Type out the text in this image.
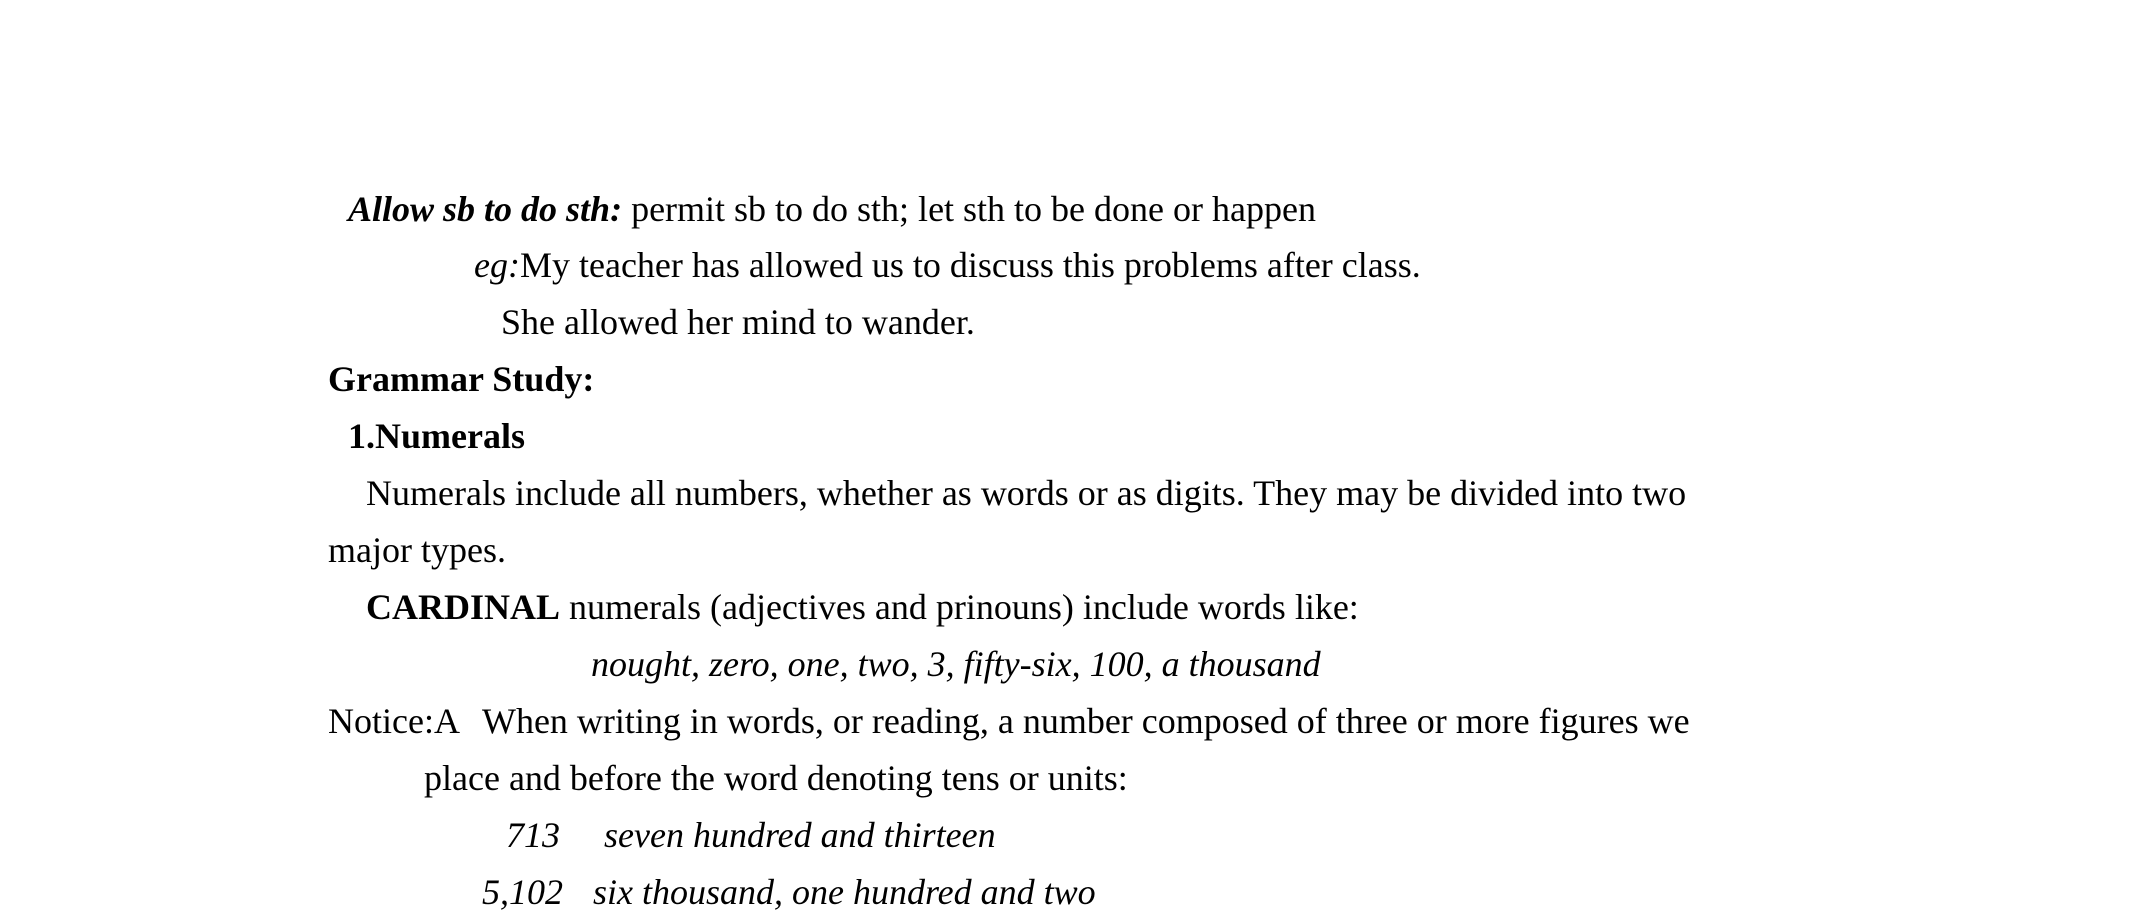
Allow sb to do sth: permit sb to do sth; let sth to be done or happen
eg:My teacher has allowed us to discuss this problems after class.
She allowed her mind to wander.
Grammar Study:
1.Numerals
Numerals include all numbers, whether as words or as digits. They may be divided into two
major types.
CARDINAL numerals (adjectives and prinouns) include words like:
nought, zero, one, two, 3, fifty-six, 100, a thousand
Notice:A When writing in words, or reading, a number composed of three or more figures we
place and before the word denoting tens or units:
713 seven hundred and thirteen
5,102 six thousand, one hundred and two
